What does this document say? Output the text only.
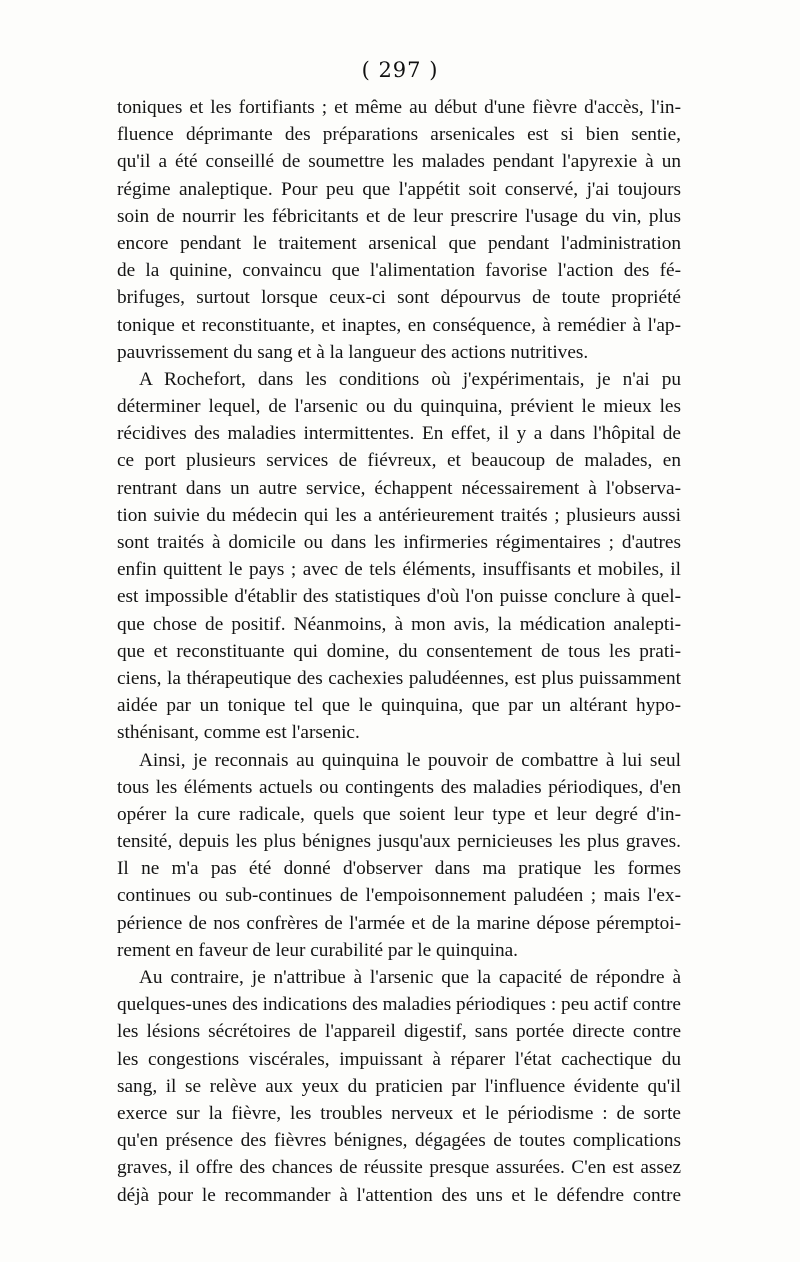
( 297 )
toniques et les fortifiants ; et même au début d'une fièvre d'accès, l'in-
fluence déprimante des préparations arsenicales est si bien sentie,
qu'il a été conseillé de soumettre les malades pendant l'apyrexie à un
régime analeptique. Pour peu que l'appétit soit conservé, j'ai toujours
soin de nourrir les fébricitants et de leur prescrire l'usage du vin, plus
encore pendant le traitement arsenical que pendant l'administration
de la quinine, convaincu que l'alimentation favorise l'action des fé-
brifuges, surtout lorsque ceux-ci sont dépourvus de toute propriété
tonique et reconstituante, et inaptes, en conséquence, à remédier à l'ap-
pauvrissement du sang et à la langueur des actions nutritives.
A Rochefort, dans les conditions où j'expérimentais, je n'ai pu
déterminer lequel, de l'arsenic ou du quinquina, prévient le mieux les
récidives des maladies intermittentes. En effet, il y a dans l'hôpital de
ce port plusieurs services de fiévreux, et beaucoup de malades, en
rentrant dans un autre service, échappent nécessairement à l'observa-
tion suivie du médecin qui les a antérieurement traités ; plusieurs aussi
sont traités à domicile ou dans les infirmeries régimentaires ; d'autres
enfin quittent le pays ; avec de tels éléments, insuffisants et mobiles, il
est impossible d'établir des statistiques d'où l'on puisse conclure à quel-
que chose de positif. Néanmoins, à mon avis, la médication analepti-
que et reconstituante qui domine, du consentement de tous les prati-
ciens, la thérapeutique des cachexies paludéennes, est plus puissamment
aidée par un tonique tel que le quinquina, que par un altérant hypo-
sthénisant, comme est l'arsenic.
Ainsi, je reconnais au quinquina le pouvoir de combattre à lui seul
tous les éléments actuels ou contingents des maladies périodiques, d'en
opérer la cure radicale, quels que soient leur type et leur degré d'in-
tensité, depuis les plus bénignes jusqu'aux pernicieuses les plus graves.
Il ne m'a pas été donné d'observer dans ma pratique les formes
continues ou sub-continues de l'empoisonnement paludéen ; mais l'ex-
périence de nos confrères de l'armée et de la marine dépose péremptoi-
rement en faveur de leur curabilité par le quinquina.
Au contraire, je n'attribue à l'arsenic que la capacité de répondre à
quelques-unes des indications des maladies périodiques : peu actif contre
les lésions sécrétoires de l'appareil digestif, sans portée directe contre
les congestions viscérales, impuissant à réparer l'état cachectique du
sang, il se relève aux yeux du praticien par l'influence évidente qu'il
exerce sur la fièvre, les troubles nerveux et le périodisme : de sorte
qu'en présence des fièvres bénignes, dégagées de toutes complications
graves, il offre des chances de réussite presque assurées. C'en est assez
déjà pour le recommander à l'attention des uns et le défendre contre
